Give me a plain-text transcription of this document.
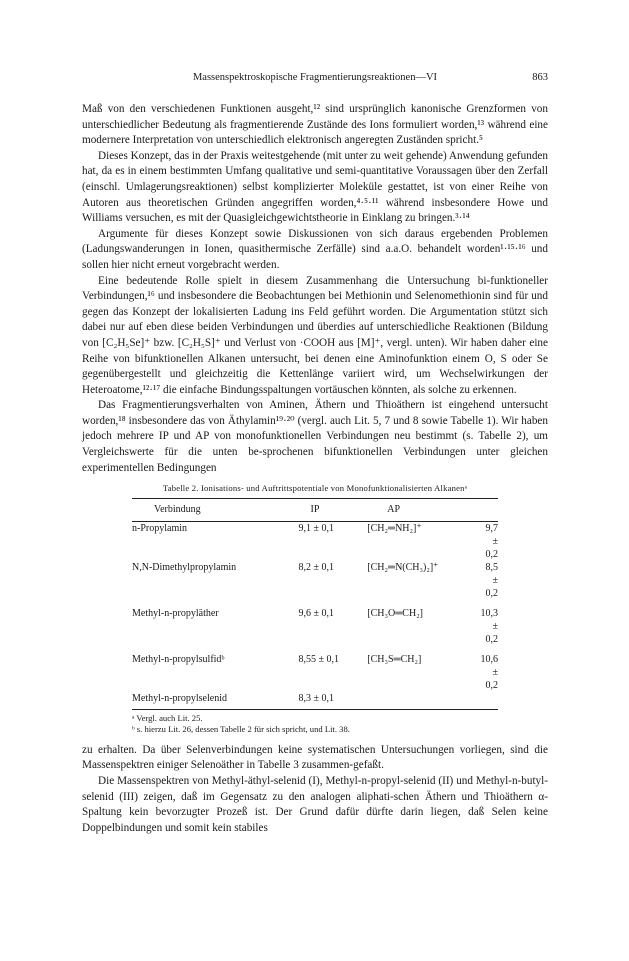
Massenspektroskopische Fragmentierungsreaktionen—VI	863

Maß von den verschiedenen Funktionen ausgeht,¹² sind ursprünglich kanonische Grenzformen von unterschiedlicher Bedeutung als fragmentierende Zustände des Ions formuliert worden,¹³ während eine modernere Interpretation von unterschiedlich elektronisch angeregten Zuständen spricht.⁵

Dieses Konzept, das in der Praxis weitestgehende (mit unter zu weit gehende) Anwendung gefunden hat, da es in einem bestimmten Umfang qualitative und semi-quantitative Voraussagen über den Zerfall (einschl. Umlagerungsreaktionen) selbst komplizierter Moleküle gestattet, ist von einer Reihe von Autoren aus theoretischen Gründen angegriffen worden,⁴·⁵·¹¹ während insbesondere Howe und Williams versuchen, es mit der Quasigleichgewichtstheorie in Einklang zu bringen.³·¹⁴

Argumente für dieses Konzept sowie Diskussionen von sich daraus ergebenden Problemen (Ladungswanderungen in Ionen, quasithermische Zerfälle) sind a.a.O. behandelt worden¹·¹⁵·¹⁶ und sollen hier nicht erneut vorgebracht werden.

Eine bedeutende Rolle spielt in diesem Zusammenhang die Untersuchung bi-funktioneller Verbindungen,¹⁶ und insbesondere die Beobachtungen bei Methionin und Selenomethionin sind für und gegen das Konzept der lokalisierten Ladung ins Feld geführt worden. Die Argumentation stützt sich dabei nur auf eben diese beiden Verbindungen und überdies auf unterschiedliche Reaktionen (Bildung von [C₂H₅Se]⁺ bzw. [C₂H₅S]⁺ und Verlust von ·COOH aus [M]⁺, vergl. unten). Wir haben daher eine Reihe von bifunktionellen Alkanen untersucht, bei denen eine Aminofunktion einem O, S oder Se gegenübergestellt und gleichzeitig die Kettenlänge variiert wird, um Wechselwirkungen der Heteroatome,¹²·¹⁷ die einfache Bindungsspaltungen vortäuschen könnten, als solche zu erkennen.

Das Fragmentierungsverhalten von Aminen, Äthern und Thioäthern ist eingehend untersucht worden,¹⁸ insbesondere das von Äthylamin¹⁹·²⁰ (vergl. auch Lit. 5, 7 und 8 sowie Tabelle 1). Wir haben jedoch mehrere IP und AP von monofunktionellen Verbindungen neu bestimmt (s. Tabelle 2), um Vergleichswerte für die unten be-sprochenen bifunktionellen Verbindungen unter gleichen experimentellen Bedingungen

Tabelle 2. Ionisations- und Auftrittspotentiale von Monofunktionalisierten Alkanenᵃ
Verbindung	IP	AP	
n-Propylamin	9,1 ± 0,1	[CH₂═NH₂]⁺	9,7 ± 0,2
N,N-Dimethylpropylamin	8,2 ± 0,1	[CH₂═N(CH₃)₂]⁺	8,5 ± 0,2
Methyl-n-propyläther	9,6 ± 0,1	[CH₃O═CH₂]	10,3 ± 0,2
Methyl-n-propylsulfidᵇ	8,55 ± 0,1	[CH₃S═CH₂]	10,6 ± 0,2
Methyl-n-propylselenid	8,3 ± 0,1		
ᵃ Vergl. auch Lit. 25.
ᵇ s. hierzu Lit. 26, dessen Tabelle 2 für sich spricht, und Lit. 38.

zu erhalten. Da über Selenverbindungen keine systematischen Untersuchungen vorliegen, sind die Massenspektren einiger Selenoäther in Tabelle 3 zusammen-gefaßt.

Die Massenspektren von Methyl-äthyl-selenid (I), Methyl-n-propyl-selenid (II) und Methyl-n-butyl-selenid (III) zeigen, daß im Gegensatz zu den analogen aliphati-schen Äthern und Thioäthern α-Spaltung kein bevorzugter Prozeß ist. Der Grund dafür dürfte darin liegen, daß Selen keine Doppelbindungen und somit kein stabiles
